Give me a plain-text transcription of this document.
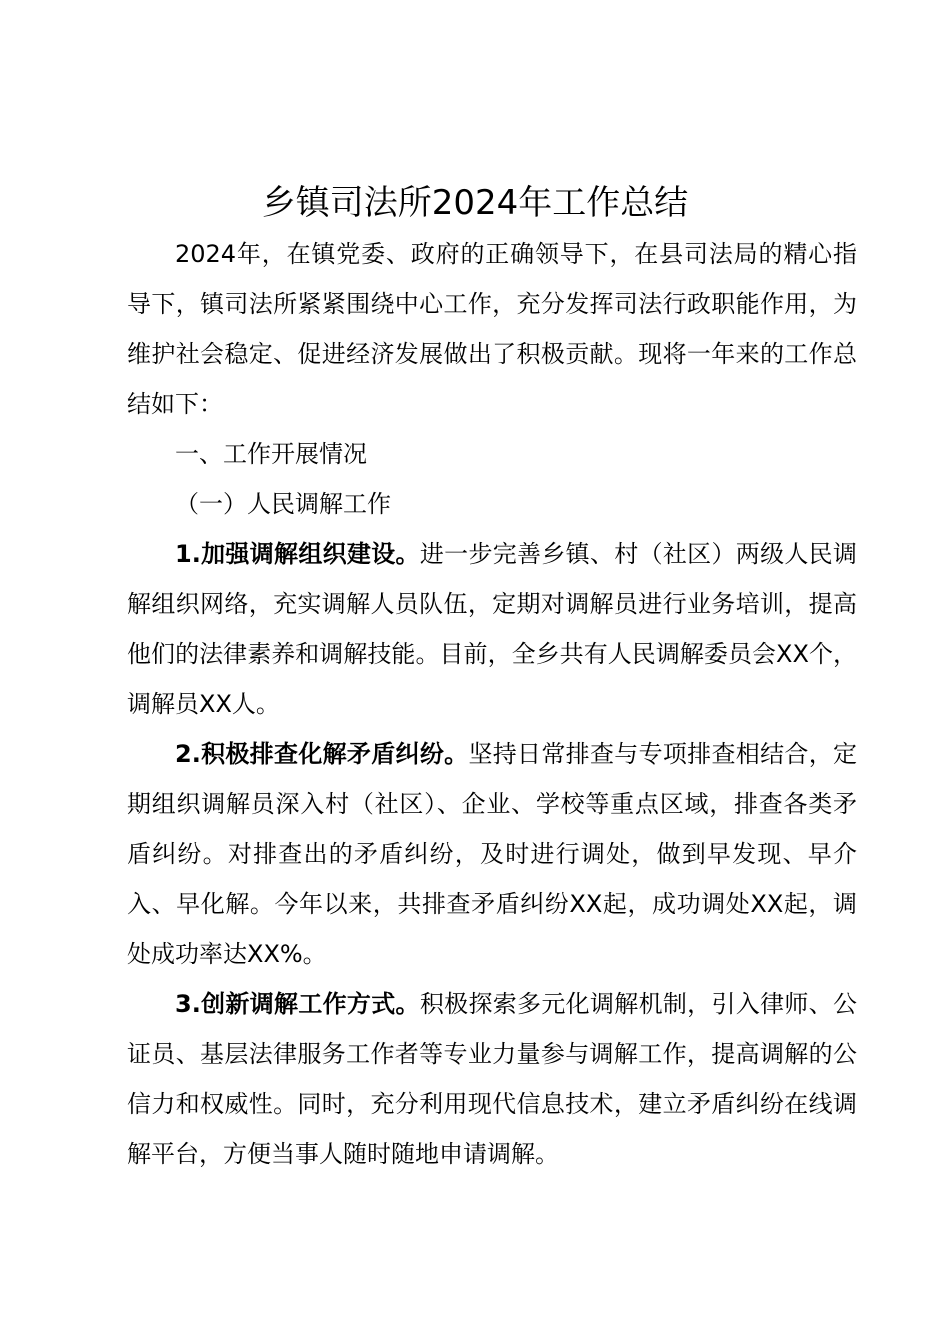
乡镇司法所2024年工作总结

2024年，在镇党委、政府的正确领导下，在县司法局的精心指导下，镇司法所紧紧围绕中心工作，充分发挥司法行政职能作用，为维护社会稳定、促进经济发展做出了积极贡献。现将一年来的工作总结如下：

一、工作开展情况

（一）人民调解工作

1.加强调解组织建设。进一步完善乡镇、村（社区）两级人民调解组织网络，充实调解人员队伍，定期对调解员进行业务培训，提高他们的法律素养和调解技能。目前，全乡共有人民调解委员会XX个，调解员XX人。

2.积极排查化解矛盾纠纷。坚持日常排查与专项排查相结合，定期组织调解员深入村（社区）、企业、学校等重点区域，排查各类矛盾纠纷。对排查出的矛盾纠纷，及时进行调处，做到早发现、早介入、早化解。今年以来，共排查矛盾纠纷XX起，成功调处XX起，调处成功率达XX%。

3.创新调解工作方式。积极探索多元化调解机制，引入律师、公证员、基层法律服务工作者等专业力量参与调解工作，提高调解的公信力和权威性。同时，充分利用现代信息技术，建立矛盾纠纷在线调解平台，方便当事人随时随地申请调解。
